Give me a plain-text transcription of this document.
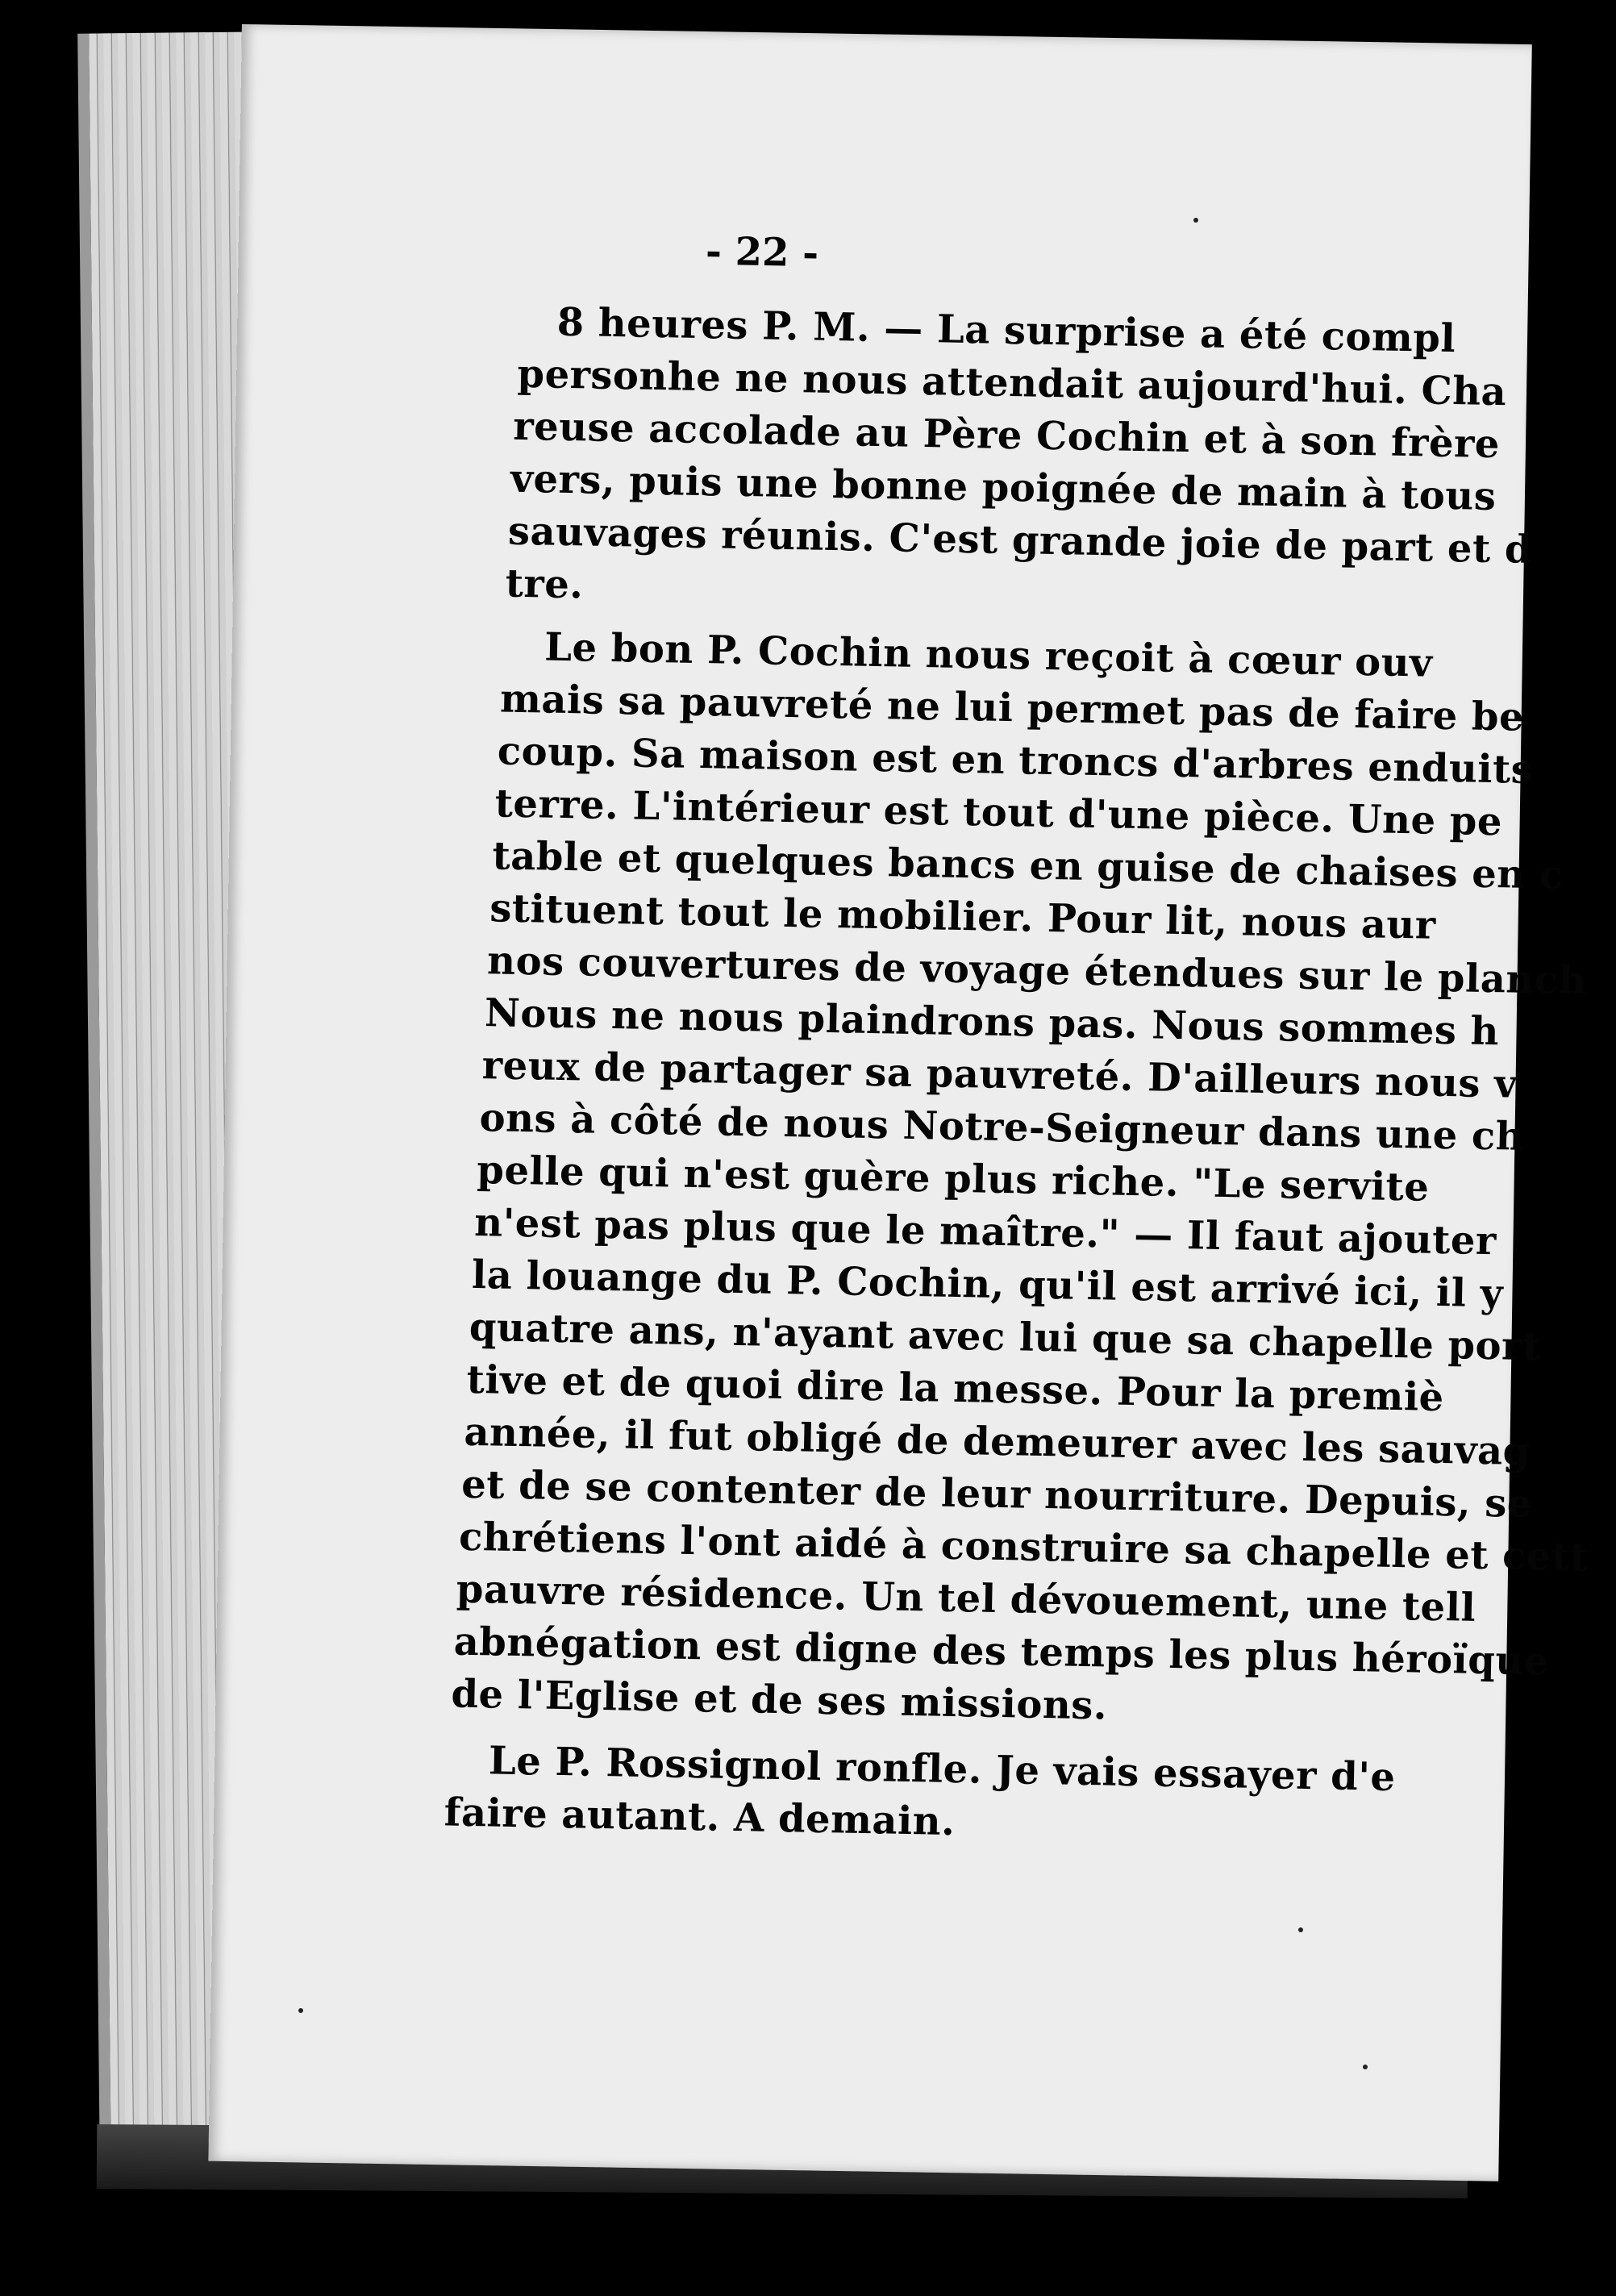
- 22 -
8 heures P. M. — La surprise a été compl
personhe ne nous attendait aujourd'hui. Cha
reuse accolade au Père Cochin et à son frère
vers, puis une bonne poignée de main à tous
sauvages réunis. C'est grande joie de part et d
tre.
Le bon P. Cochin nous reçoit à cœur ouv
mais sa pauvreté ne lui permet pas de faire be
coup. Sa maison est en troncs d'arbres enduits
terre. L'intérieur est tout d'une pièce. Une pe
table et quelques bancs en guise de chaises en c
stituent tout le mobilier. Pour lit, nous aur
nos couvertures de voyage étendues sur le planch
Nous ne nous plaindrons pas. Nous sommes h
reux de partager sa pauvreté. D'ailleurs nous v
ons à côté de nous Notre-Seigneur dans une ch
pelle qui n'est guère plus riche. "Le servite
n'est pas plus que le maître." — Il faut ajouter
la louange du P. Cochin, qu'il est arrivé ici, il y
quatre ans, n'ayant avec lui que sa chapelle port
tive et de quoi dire la messe. Pour la premiè
année, il fut obligé de demeurer avec les sauvag
et de se contenter de leur nourriture. Depuis, se
chrétiens l'ont aidé à construire sa chapelle et cett
pauvre résidence. Un tel dévouement, une tell
abnégation est digne des temps les plus héroïque
de l'Eglise et de ses missions.
Le P. Rossignol ronfle. Je vais essayer d'e
faire autant. A demain.
